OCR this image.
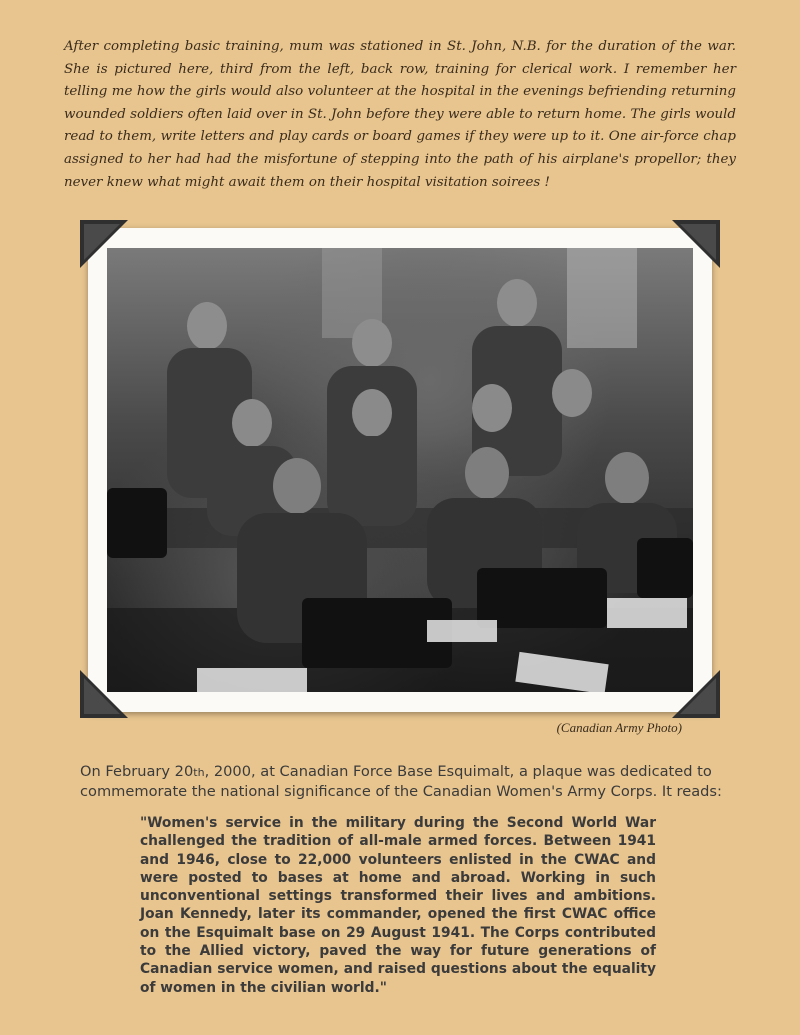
After completing basic training, mum was stationed in St. John, N.B. for the duration of the war. She is pictured here, third from the left, back row, training for clerical work. I remember her telling me how the girls would also volunteer at the hospital in the evenings befriending returning wounded soldiers often laid over in St. John before they were able to return home. The girls would read to them, write letters and play cards or board games if they were up to it. One air-force chap assigned to her had had the misfortune of stepping into the path of his airplane's propellor; they never knew what might await them on their hospital visitation soirees !

(Canadian Army Photo)

On February 20th, 2000, at Canadian Force Base Esquimalt, a plaque was dedicated to commemorate the national significance of the Canadian Women's Army Corps. It reads:

"Women's service in the military during the Second World War challenged the tradition of all-male armed forces. Between 1941 and 1946, close to 22,000 volunteers enlisted in the CWAC and were posted to bases at home and abroad. Working in such unconventional settings transformed their lives and ambitions. Joan Kennedy, later its commander, opened the first CWAC office on the Esquimalt base on 29 August 1941. The Corps contributed to the Allied victory, paved the way for future generations of Canadian service women, and raised questions about the equality of women in the civilian world."
